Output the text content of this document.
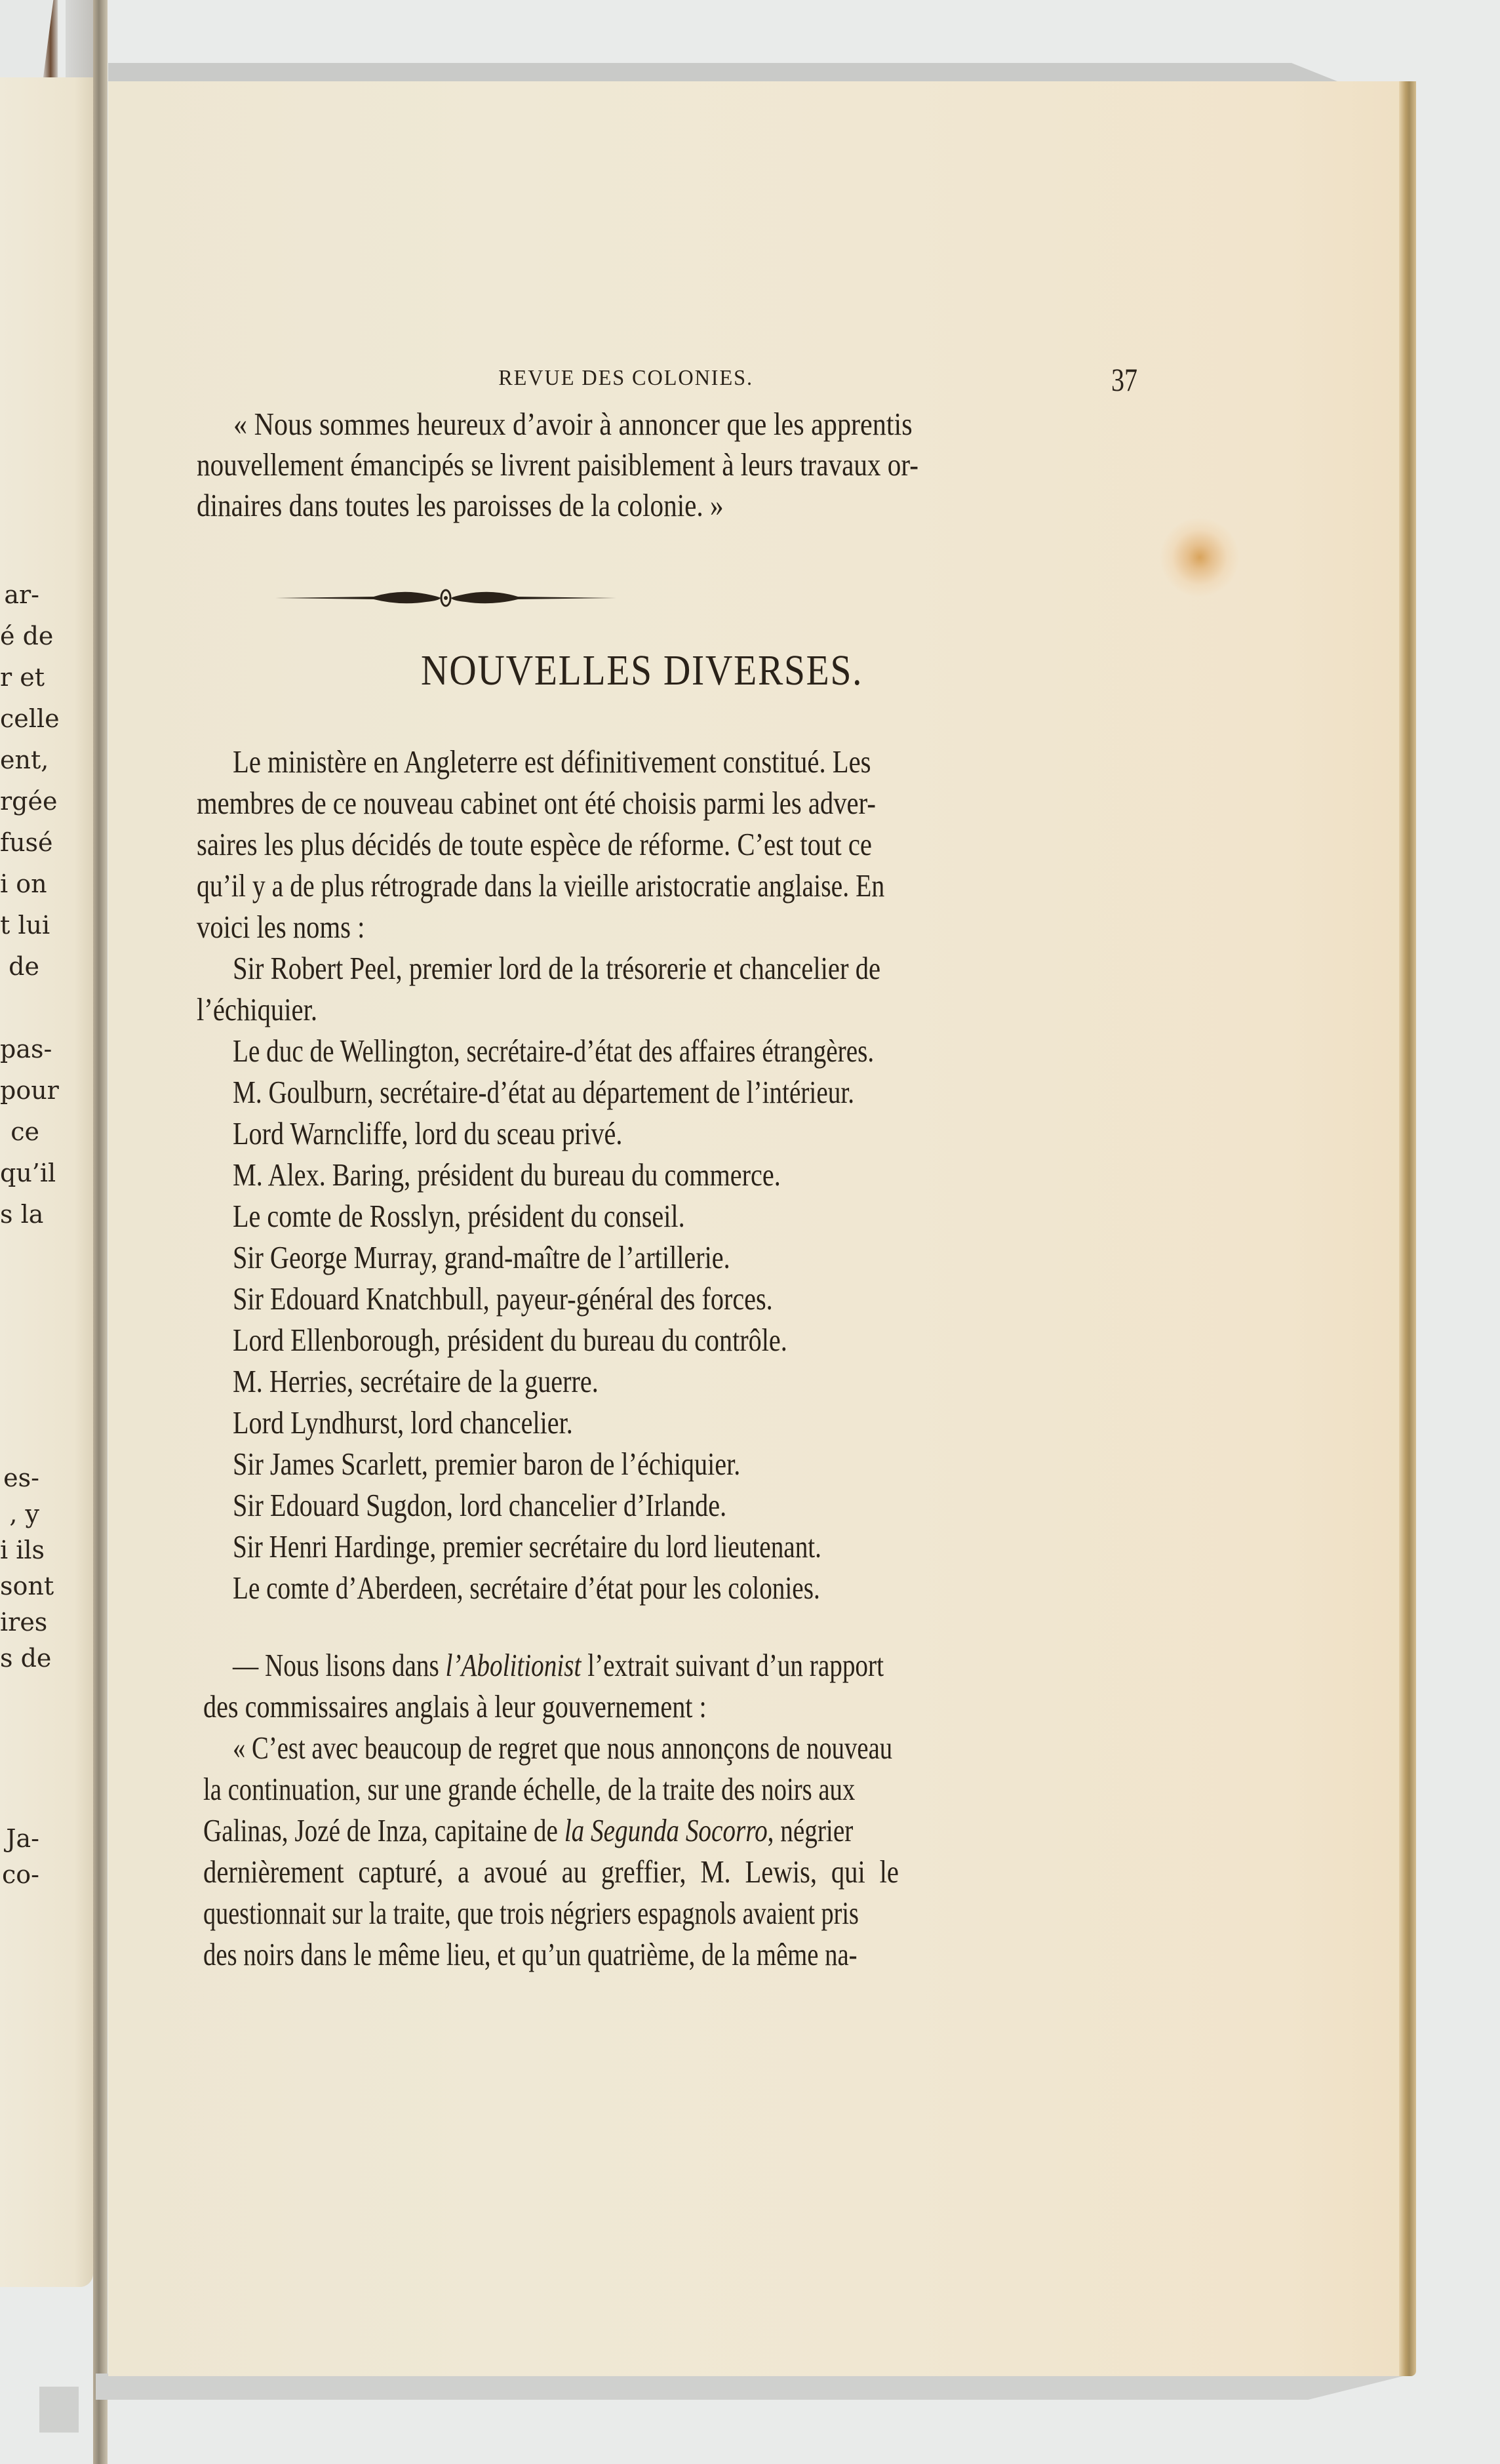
ar-
é de
r et
celle
ent,
rgée
fusé
i on
t lui
de
pas-
pour
ce
qu’il
s la
es-
, y
i ils
sont
ires
s de
Ja-
co-
REVUE DES COLONIES.	37
« Nous sommes heureux d’avoir à annoncer que les apprentis
nouvellement émancipés se livrent paisiblement à leurs travaux or-
dinaires dans toutes les paroisses de la colonie. »
NOUVELLES DIVERSES.
Le ministère en Angleterre est définitivement constitué. Les
membres de ce nouveau cabinet ont été choisis parmi les adver-
saires les plus décidés de toute espèce de réforme. C’est tout ce
qu’il y a de plus rétrograde dans la vieille aristocratie anglaise. En
voici les noms :
Sir Robert Peel, premier lord de la trésorerie et chancelier de
l’échiquier.
Le duc de Wellington, secrétaire-d’état des affaires étrangères.
M. Goulburn, secrétaire-d’état au département de l’intérieur.
Lord Warncliffe, lord du sceau privé.
M. Alex. Baring, président du bureau du commerce.
Le comte de Rosslyn, président du conseil.
Sir George Murray, grand-maître de l’artillerie.
Sir Edouard Knatchbull, payeur-général des forces.
Lord Ellenborough, président du bureau du contrôle.
M. Herries, secrétaire de la guerre.
Lord Lyndhurst, lord chancelier.
Sir James Scarlett, premier baron de l’échiquier.
Sir Edouard Sugdon, lord chancelier d’Irlande.
Sir Henri Hardinge, premier secrétaire du lord lieutenant.
Le comte d’Aberdeen, secrétaire d’état pour les colonies.
— Nous lisons dans l’Abolitionist l’extrait suivant d’un rapport
des commissaires anglais à leur gouvernement :
« C’est avec beaucoup de regret que nous annonçons de nouveau
la continuation, sur une grande échelle, de la traite des noirs aux
Galinas, Jozé de Inza, capitaine de la Segunda Socorro, négrier
dernièrement capturé, a avoué au greffier, M. Lewis, qui le
questionnait sur la traite, que trois négriers espagnols avaient pris
des noirs dans le même lieu, et qu’un quatrième, de la même na-
